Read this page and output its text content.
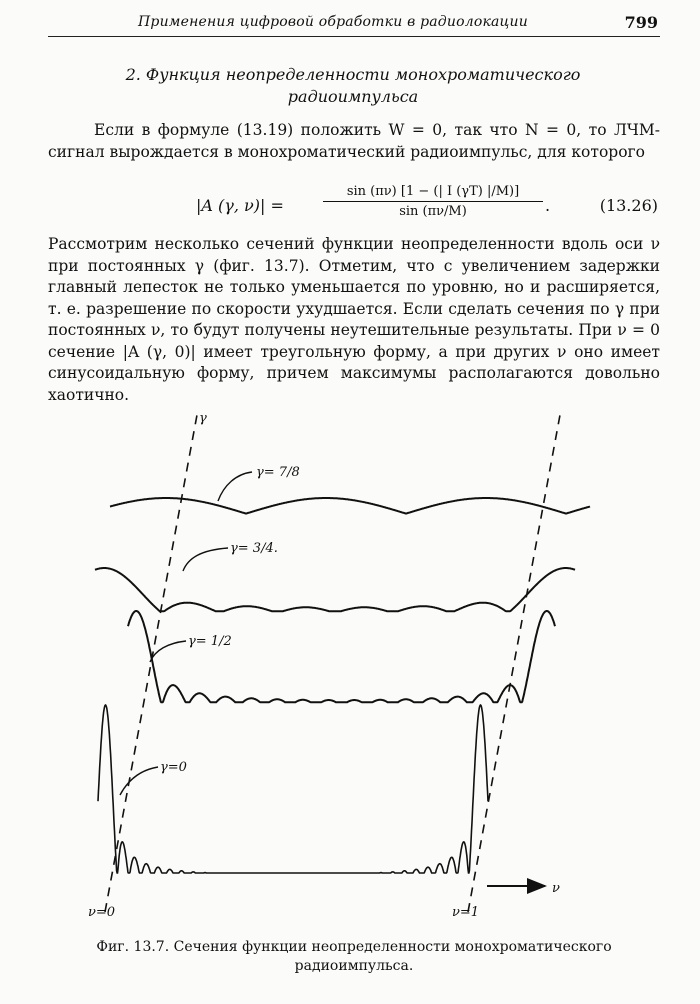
Применения цифровой обработки в радиолокации	799
2. Функция неопределенности монохроматического
радиоимпульса
Если в формуле (13.19) положить W = 0, так что N = 0, то ЛЧМ-сигнал вырождается в монохроматический радиоимпульс, для которого
|A (γ, ν)| =	$\frac{\sin (\pi\nu) [1 - (| I (\gamma T) |/M)]}{\sin (\pi\nu/M)}$ .	(13.26)
Рассмотрим несколько сечений функции неопределенности вдоль оси ν при постоянных γ (фиг. 13.7). Отметим, что с увеличением задержки главный лепесток не только уменьшается по уровню, но и расширяется, т. е. разрешение по скорости ухудшается. Если сделать сечения по γ при постоянных ν, то будут получены неутешительные результаты. При ν = 0 сечение |A (γ, 0)| имеет треугольную форму, а при других ν оно имеет синусоидальную форму, причем максимумы располагаются довольно хаотично.
γ
ν
γ= 7/8
γ= 3/4.
γ= 1/2
γ=0
ν=0	ν=1
Фиг. 13.7. Сечения функции неопределенности монохроматического радиоимпульса.
